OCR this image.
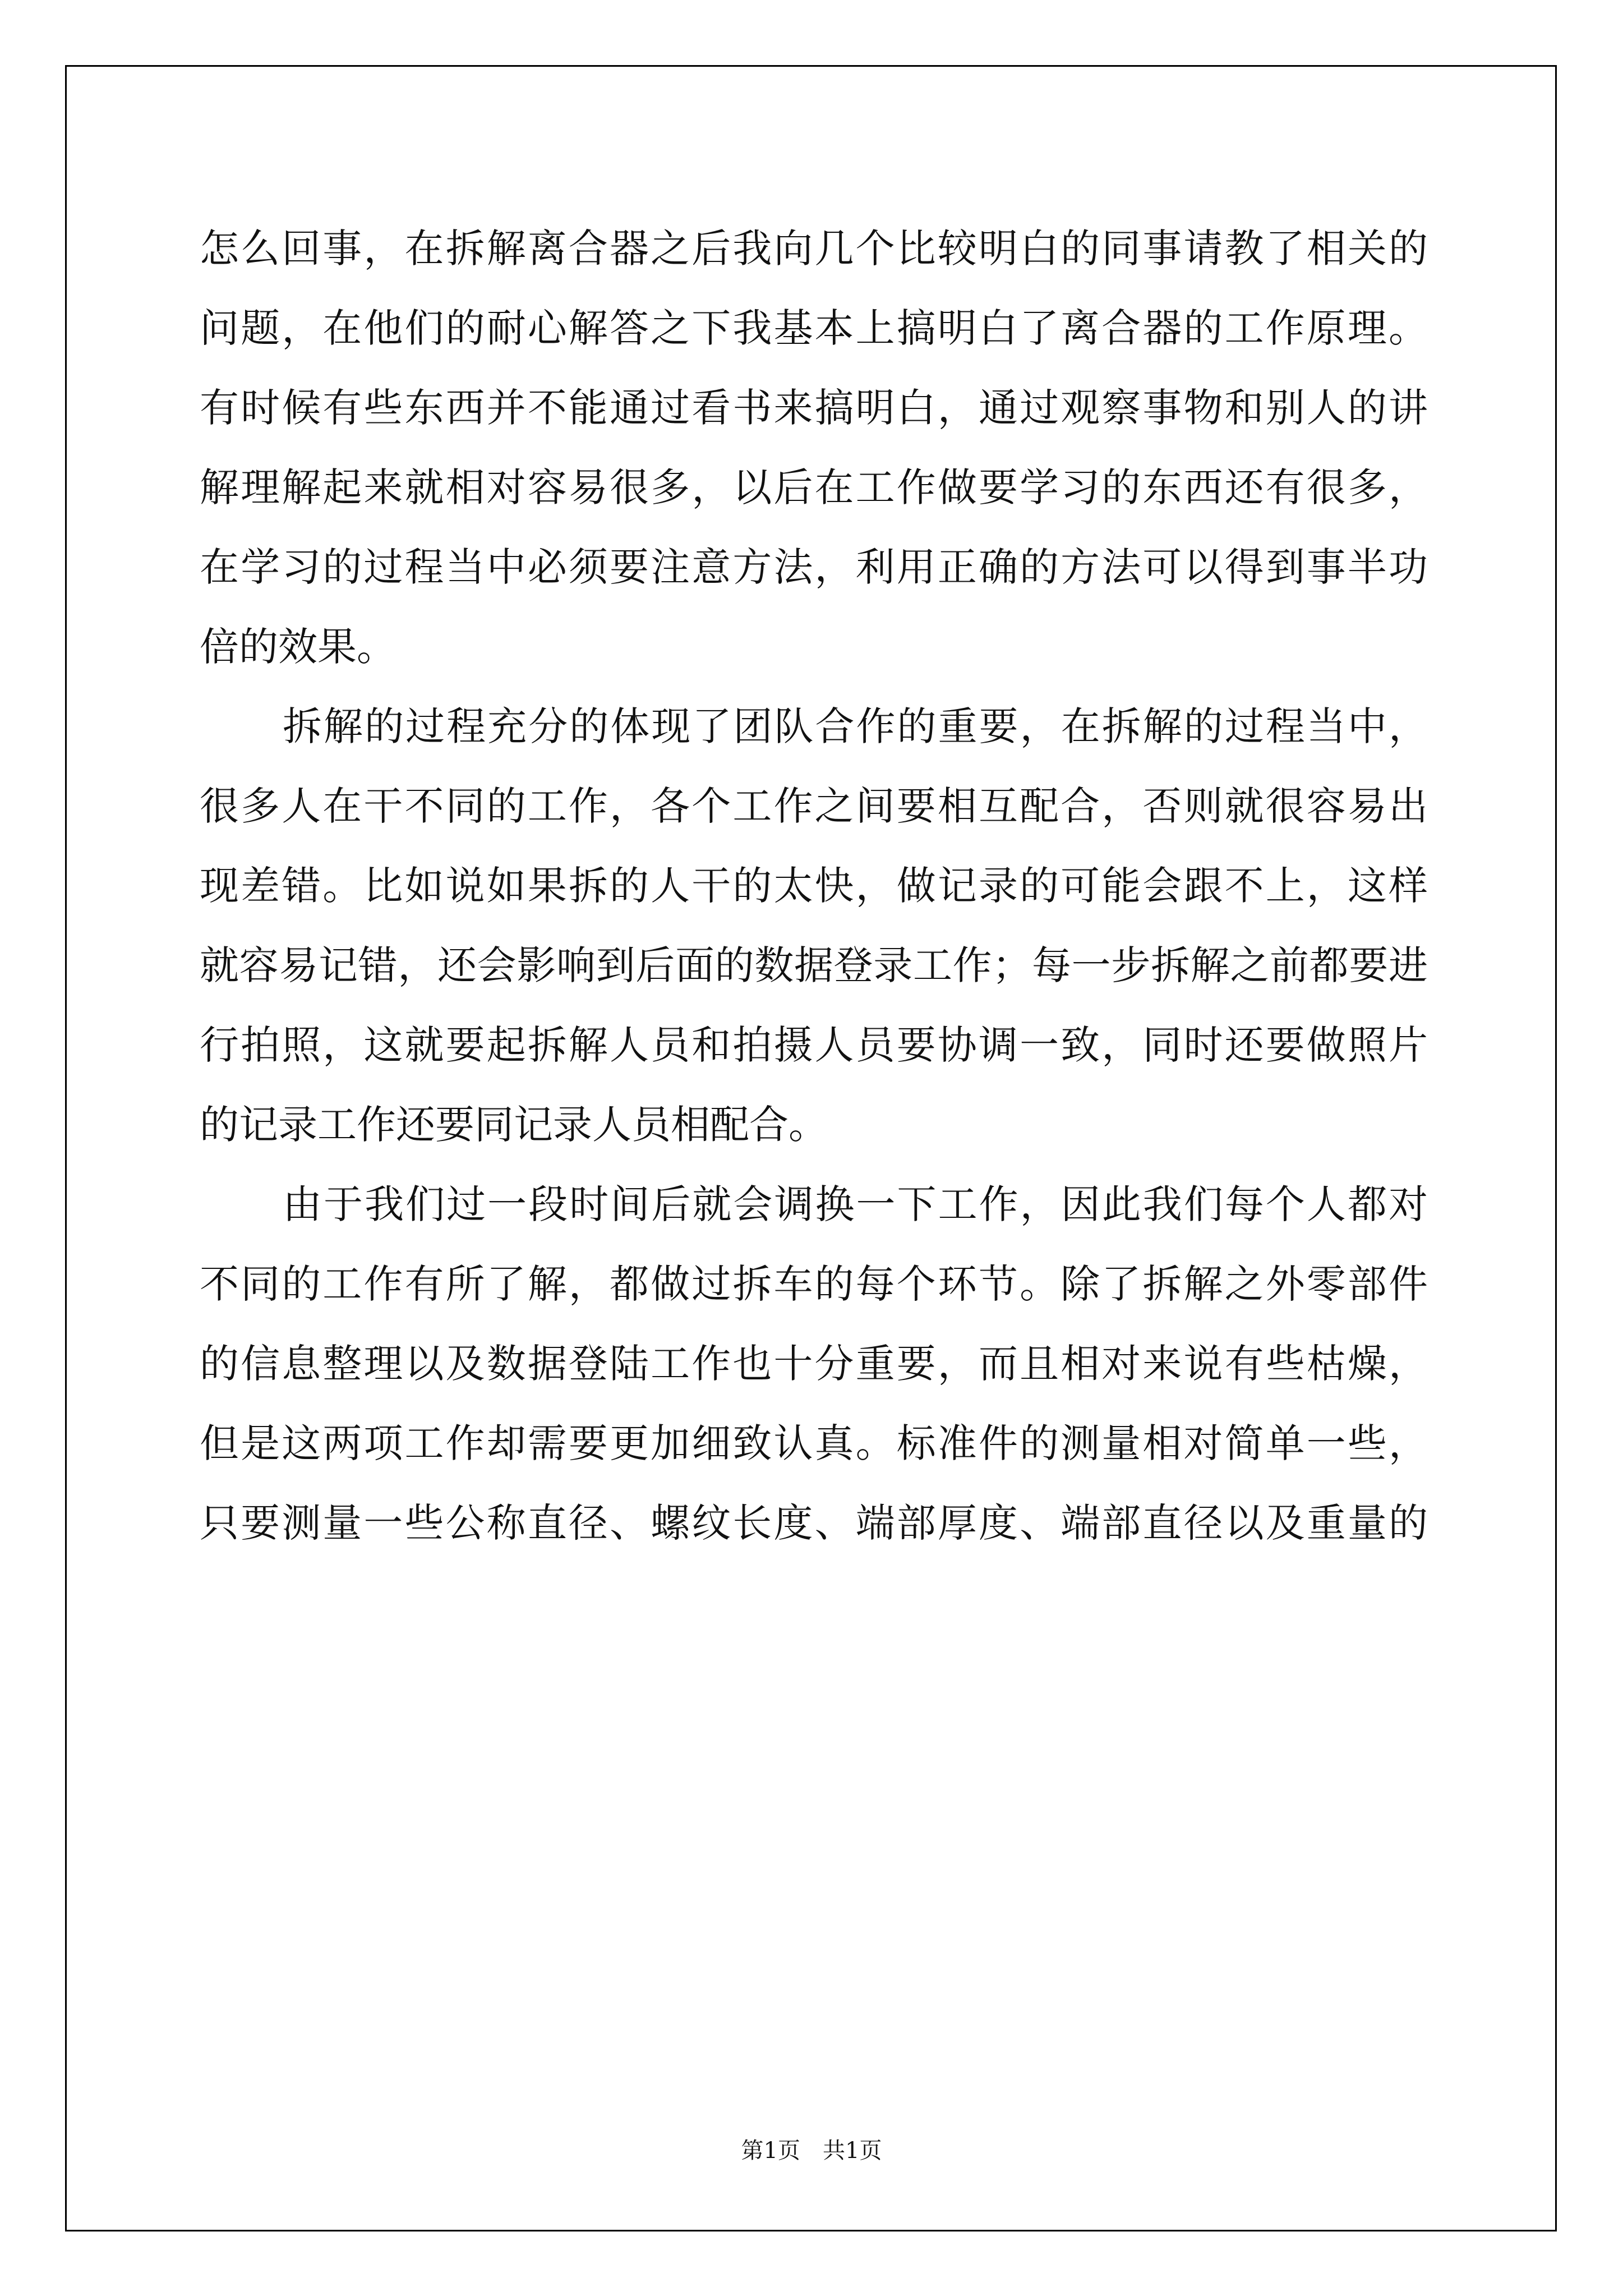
怎么回事，在拆解离合器之后我向几个比较明白的同事请教了相关的
问题，在他们的耐心解答之下我基本上搞明白了离合器的工作原理。
有时候有些东西并不能通过看书来搞明白，通过观察事物和别人的讲
解理解起来就相对容易很多，以后在工作做要学习的东西还有很多，
在学习的过程当中必须要注意方法，利用正确的方法可以得到事半功
倍的效果。
拆解的过程充分的体现了团队合作的重要，在拆解的过程当中，
很多人在干不同的工作，各个工作之间要相互配合，否则就很容易出
现差错。比如说如果拆的人干的太快，做记录的可能会跟不上，这样
就容易记错，还会影响到后面的数据登录工作；每一步拆解之前都要进
行拍照，这就要起拆解人员和拍摄人员要协调一致，同时还要做照片
的记录工作还要同记录人员相配合。
由于我们过一段时间后就会调换一下工作，因此我们每个人都对
不同的工作有所了解，都做过拆车的每个环节。除了拆解之外零部件
的信息整理以及数据登陆工作也十分重要，而且相对来说有些枯燥，
但是这两项工作却需要更加细致认真。标准件的测量相对简单一些，
只要测量一些公称直径、螺纹长度、端部厚度、端部直径以及重量的
第1页　共1页
